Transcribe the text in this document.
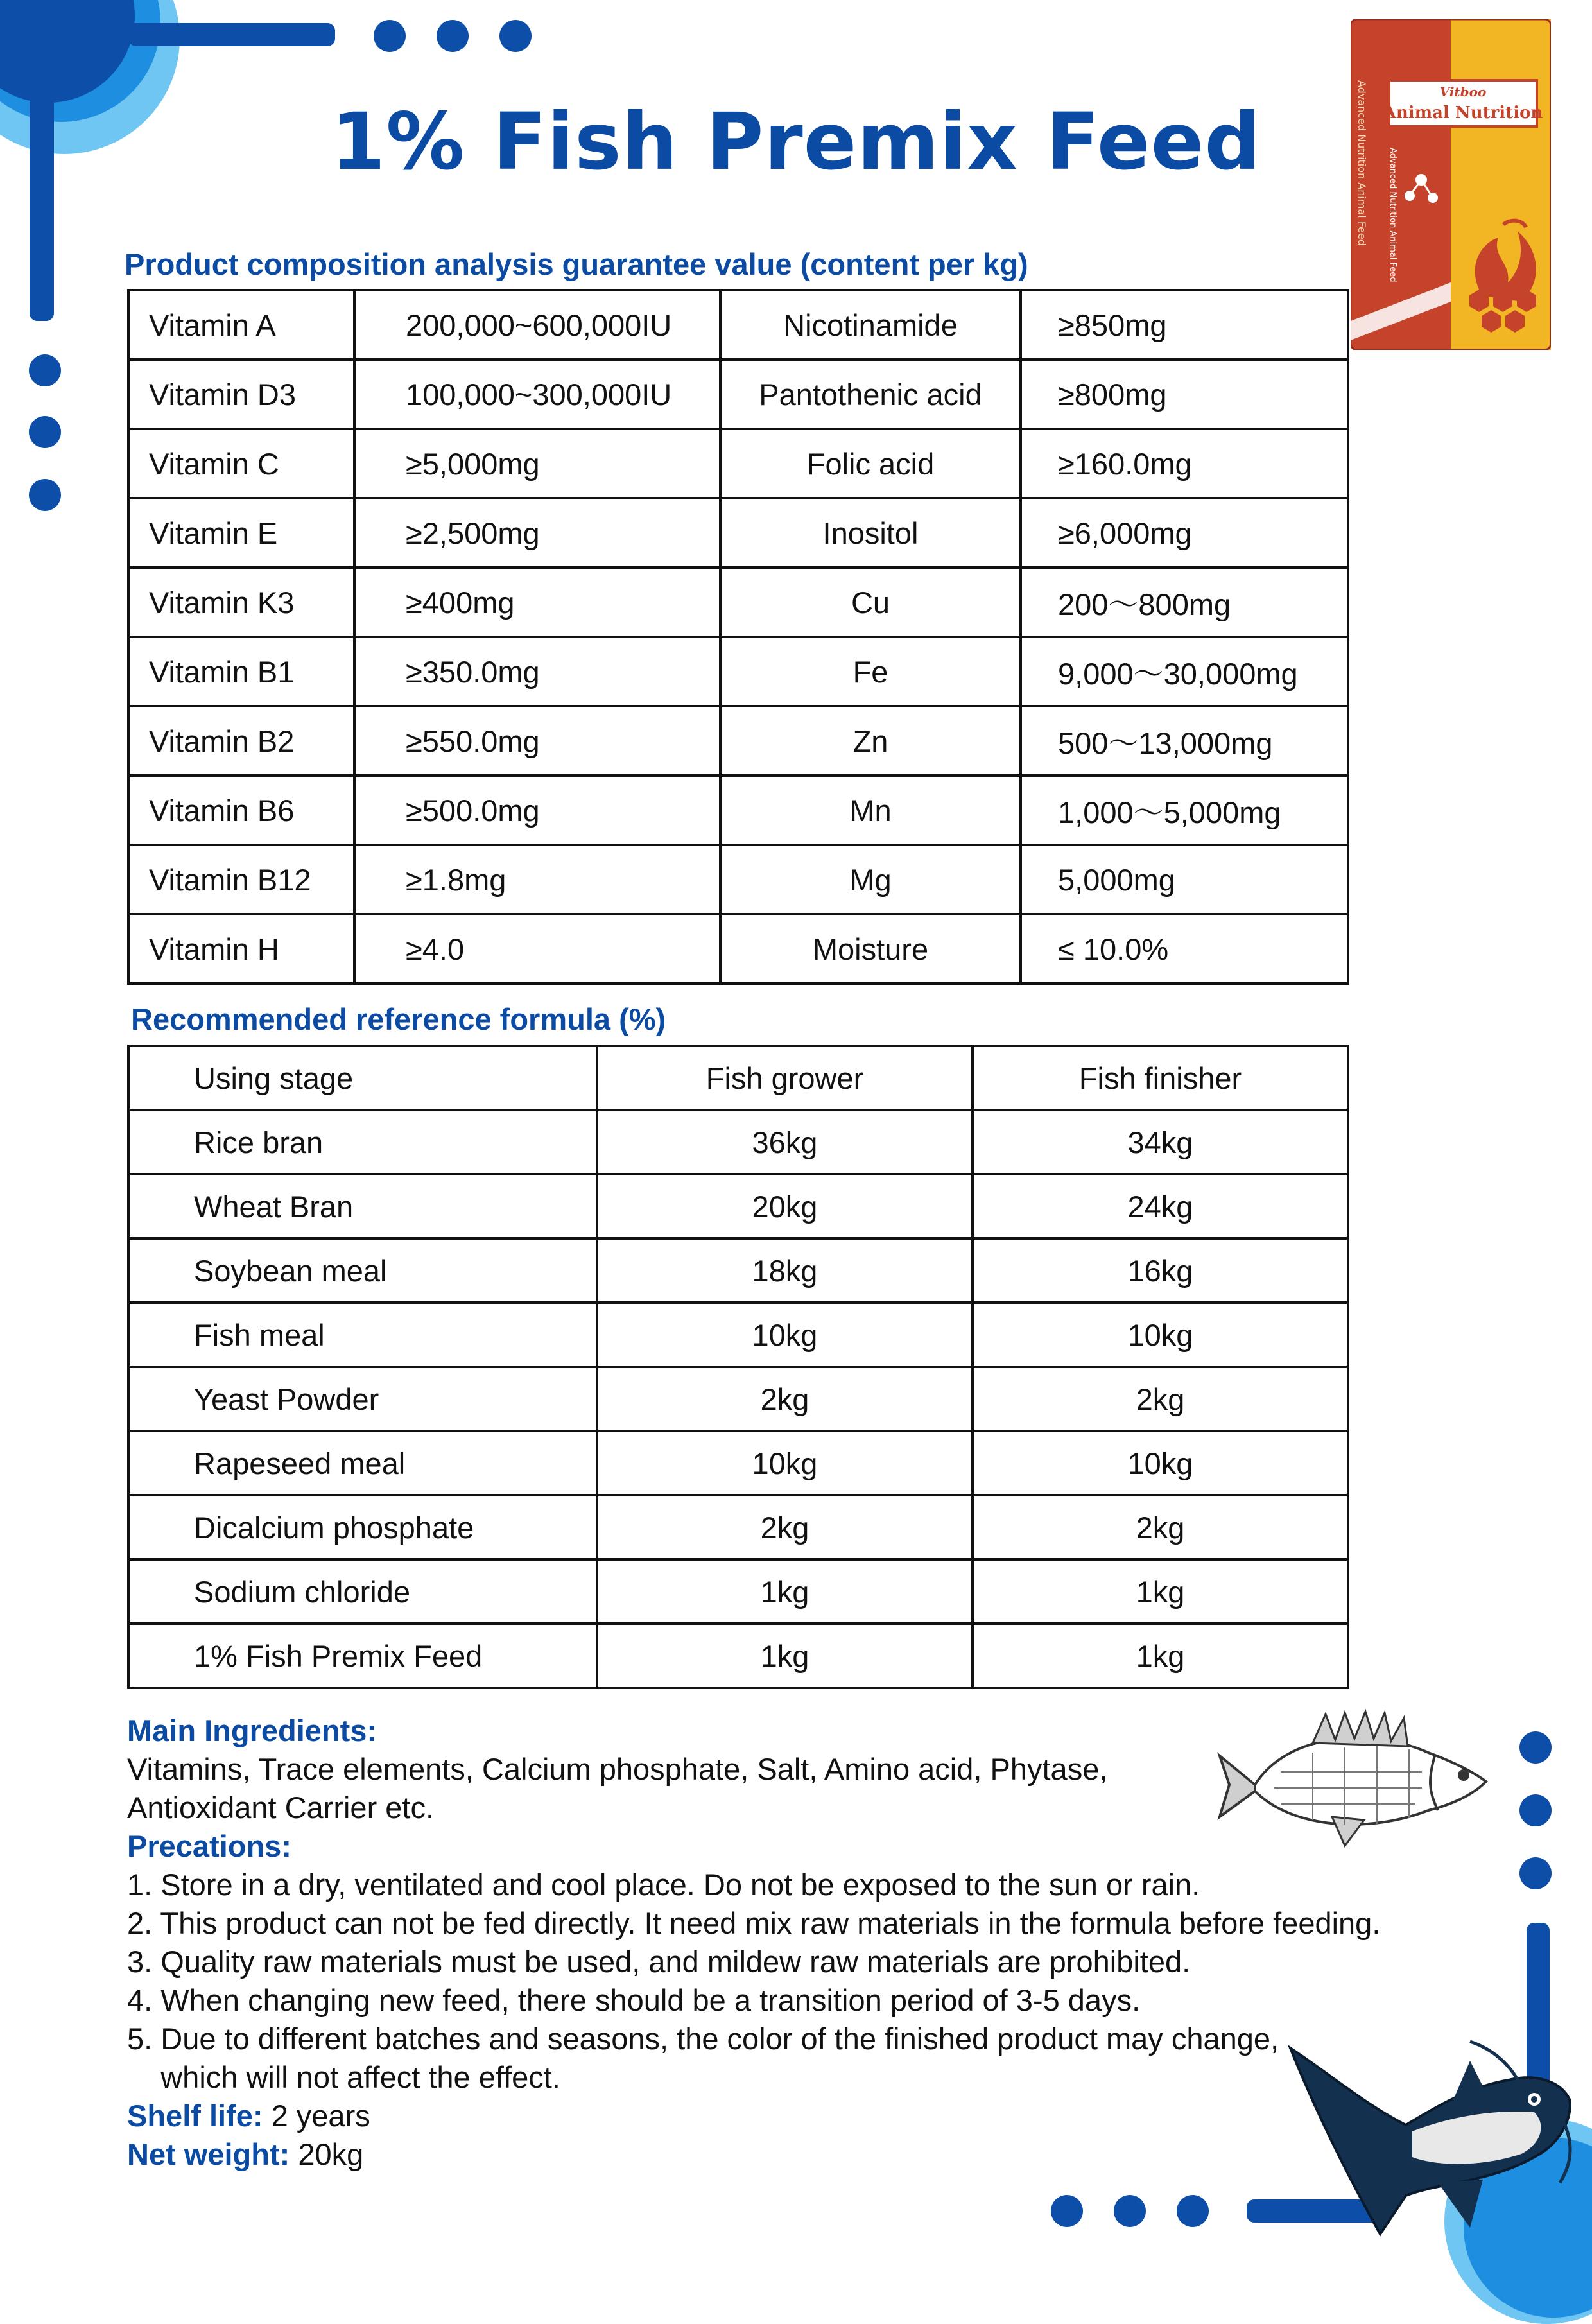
1% Fish Premix Feed
Vitboo
Animal Nutrition
Advanced Nutrition Animal Feed Advanced Nutrition Animal Feed
Product composition analysis guarantee value (content per kg)
Vitamin A	200,000~600,000IU	Nicotinamide	≥850mg
Vitamin D3	100,000~300,000IU	Pantothenic acid	≥800mg
Vitamin C	≥5,000mg	Folic acid	≥160.0mg
Vitamin E	≥2,500mg	Inositol	≥6,000mg
Vitamin K3	≥400mg	Cu	200～800mg
Vitamin B1	≥350.0mg	Fe	9,000～30,000mg
Vitamin B2	≥550.0mg	Zn	500～13,000mg
Vitamin B6	≥500.0mg	Mn	1,000～5,000mg
Vitamin B12	≥1.8mg	Mg	5,000mg
Vitamin H	≥4.0	Moisture	≤ 10.0%
Recommended reference formula (%)
Using stage	Fish grower	Fish finisher
Rice bran	36kg	34kg
Wheat Bran	20kg	24kg
Soybean meal	18kg	16kg
Fish meal	10kg	10kg
Yeast Powder	2kg	2kg
Rapeseed meal	10kg	10kg
Dicalcium phosphate	2kg	2kg
Sodium chloride	1kg	1kg
1% Fish Premix Feed	1kg	1kg
Main Ingredients:
Vitamins, Trace elements, Calcium phosphate, Salt, Amino acid, Phytase,
Antioxidant Carrier etc.
Precations:
1. Store in a dry, ventilated and cool place. Do not be exposed to the sun or rain.
2. This product can not be fed directly. It need mix raw materials in the formula before feeding.
3. Quality raw materials must be used, and mildew raw materials are prohibited.
4. When changing new feed, there should be a transition period of 3-5 days.
5. Due to different batches and seasons, the color of the finished product may change,
which will not affect the effect.
Shelf life: 2 years
Net weight: 20kg
